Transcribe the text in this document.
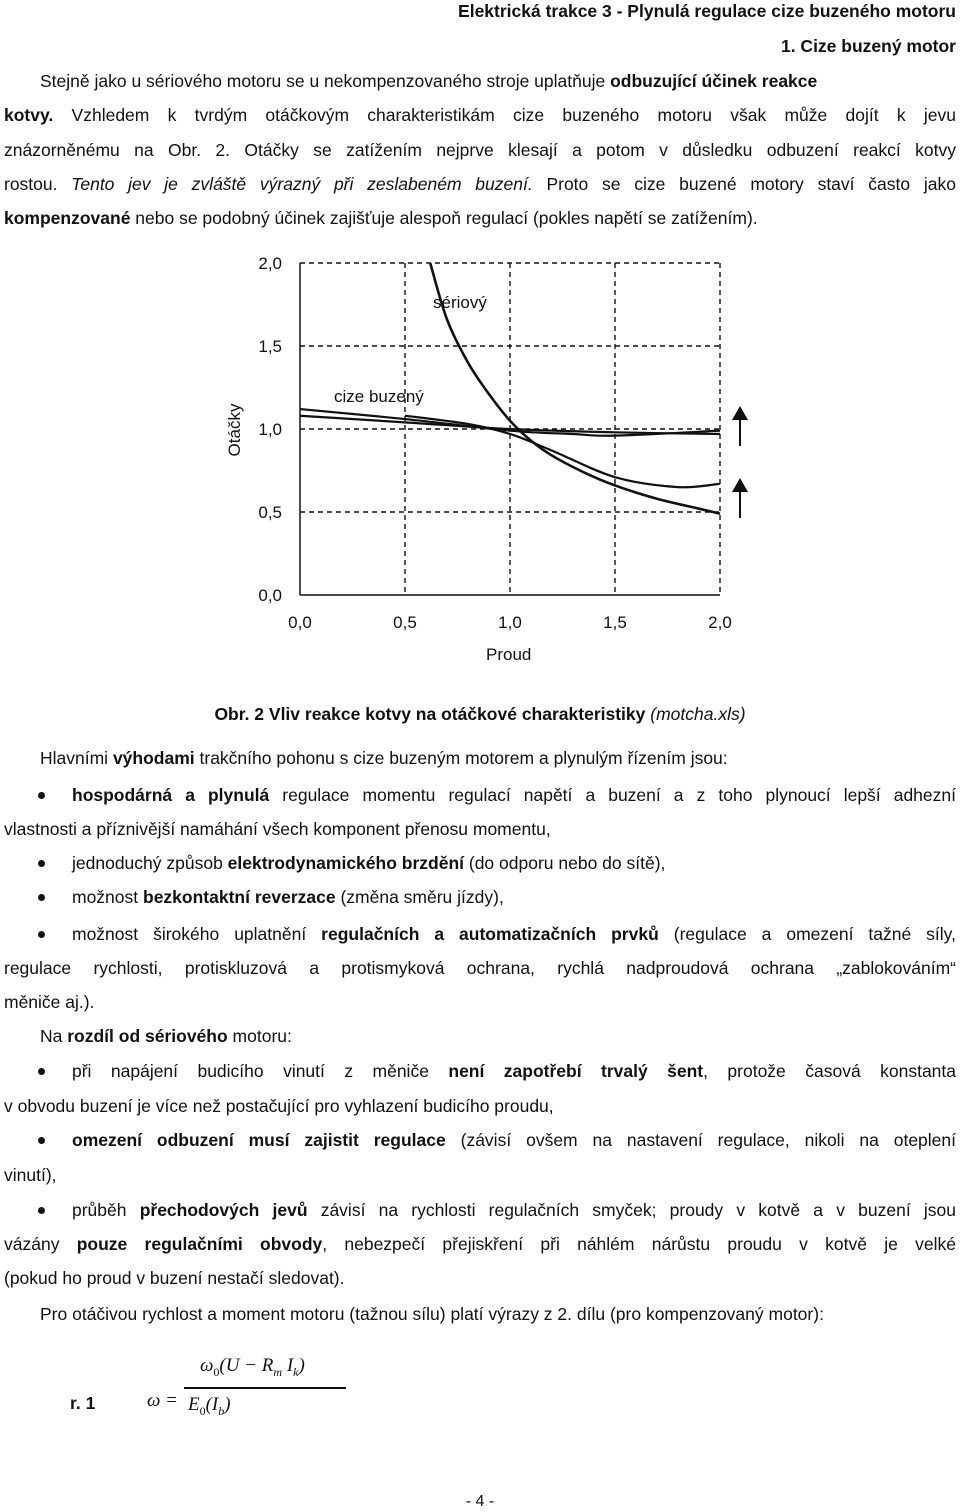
Elektrická trakce 3 - Plynulá regulace cize buzeného motoru
1. Cize buzený motor
Stejně jako u sériového motoru se u nekompenzovaného stroje uplatňuje odbuzující účinek reakce
kotvy. Vzhledem k tvrdým otáčkovým charakteristikám cize buzeného motoru však může dojít k jevu
znázorněnému na Obr. 2. Otáčky se zatížením nejprve klesají a potom v důsledku odbuzení reakcí kotvy
rostou. Tento jev je zvláště výrazný při zeslabeném buzení. Proto se cize buzené motory staví často jako
kompenzované nebo se podobný účinek zajišťuje alespoň regulací (pokles napětí se zatížením).
0,0
0,5
1,0
1,5
2,0
0,0	0,5	1,0	1,5	2,0
Proud
Otáčky
sériový
cize buzený
Obr. 2 Vliv reakce kotvy na otáčkové charakteristiky (motcha.xls)
Hlavními výhodami trakčního pohonu s cize buzeným motorem a plynulým řízením jsou:
hospodárná a plynulá regulace momentu regulací napětí a buzení a z toho plynoucí lepší adhezní
vlastnosti a příznivější namáhání všech komponent přenosu momentu,
jednoduchý způsob elektrodynamického brzdění (do odporu nebo do sítě),
možnost bezkontaktní reverzace (změna směru jízdy),
možnost širokého uplatnění regulačních a automatizačních prvků (regulace a omezení tažné síly,
regulace rychlosti, protiskluzová a protismyková ochrana, rychlá nadproudová ochrana „zablokováním“
měniče aj.).
Na rozdíl od sériového motoru:
při napájení budicího vinutí z měniče není zapotřebí trvalý šent, protože časová konstanta
v obvodu buzení je více než postačující pro vyhlazení budicího proudu,
omezení odbuzení musí zajistit regulace (závisí ovšem na nastavení regulace, nikoli na oteplení
vinutí),
průběh přechodových jevů závisí na rychlosti regulačních smyček; proudy v kotvě a v buzení jsou
vázány pouze regulačními obvody, nebezpečí přejiskření při náhlém nárůstu proudu v kotvě je velké
(pokud ho proud v buzení nestačí sledovat).
Pro otáčivou rychlost a moment motoru (tažnou sílu) platí výrazy z 2. dílu (pro kompenzovaný motor):
r. 1	ω =
$\omega_0(U - R_m$ $I_k$)
$E_0(I_b)$
- 4 -
